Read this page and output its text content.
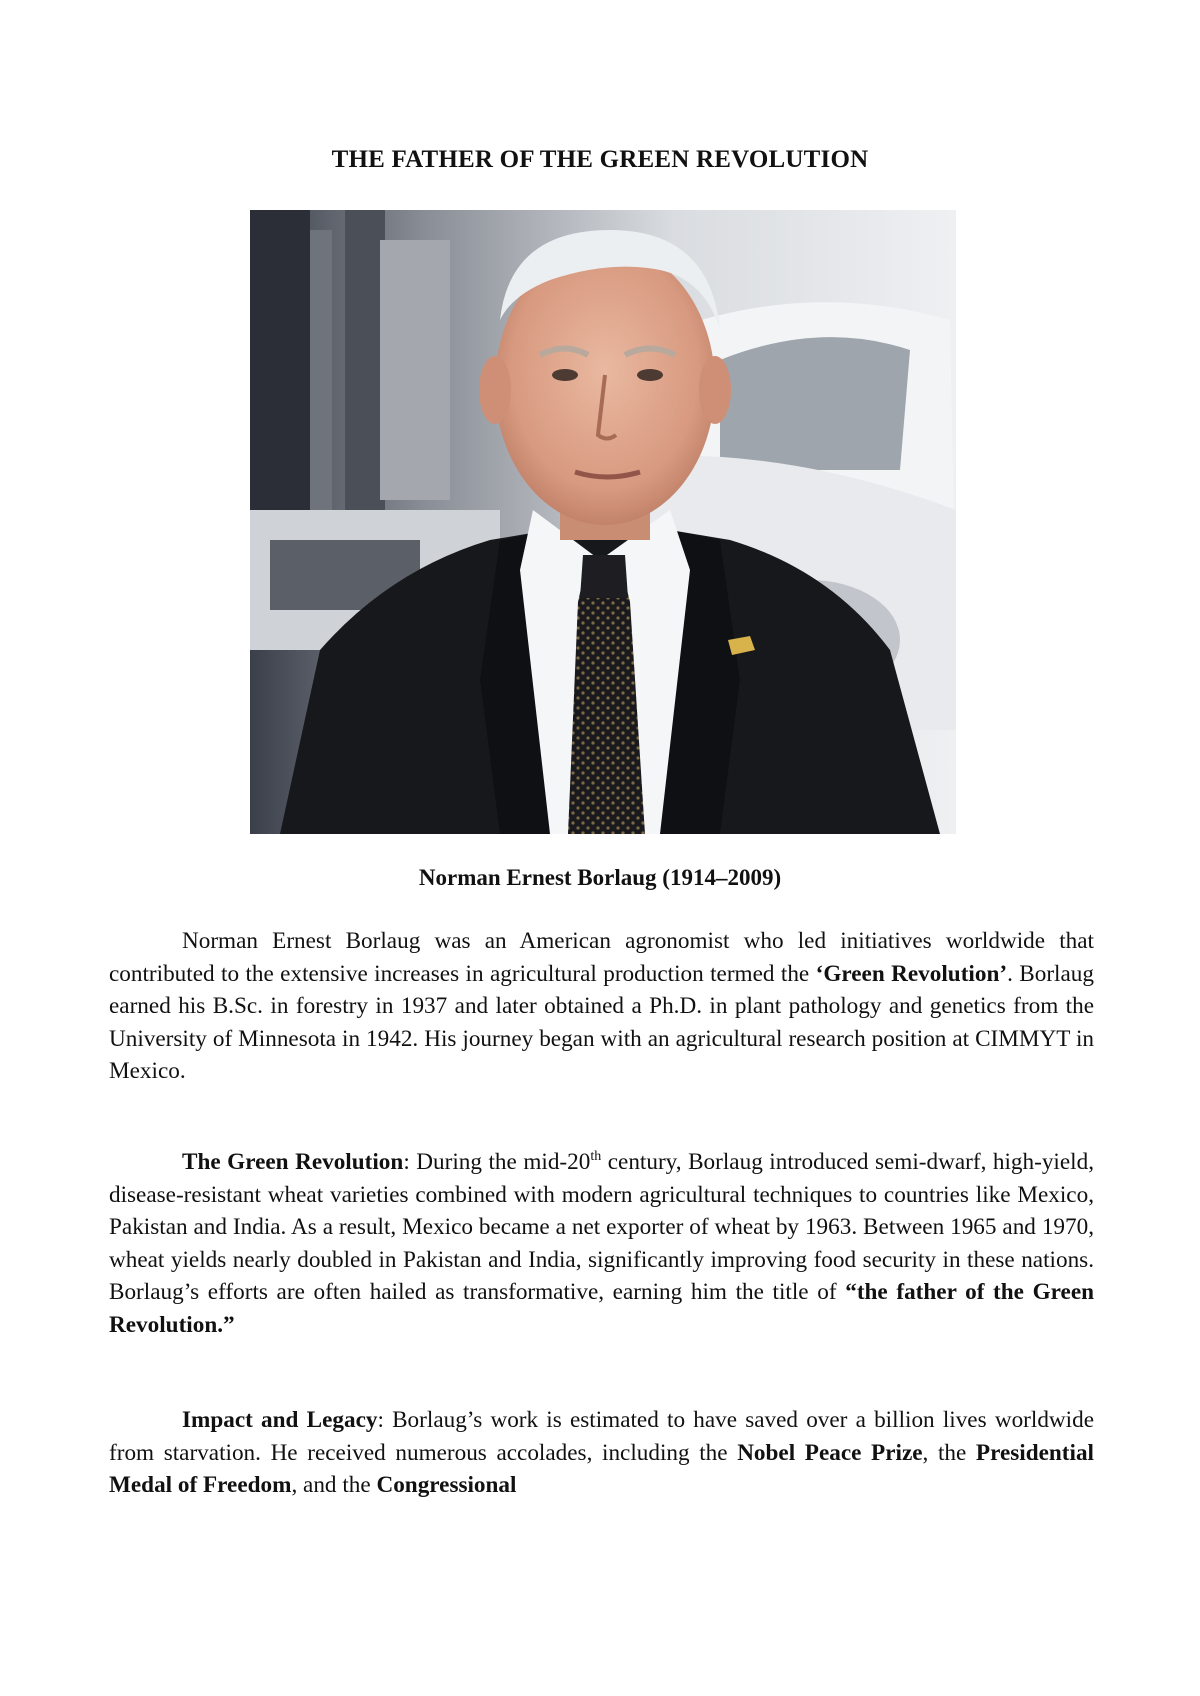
THE FATHER OF THE GREEN REVOLUTION
Norman Ernest Borlaug (1914–2009)

Norman Ernest Borlaug was an American agronomist who led initiatives worldwide that contributed to the extensive increases in agricultural production termed the ‘Green Revolution’. Borlaug earned his B.Sc. in forestry in 1937 and later obtained a Ph.D. in plant pathology and genetics from the University of Minnesota in 1942. His journey began with an agricultural research position at CIMMYT in Mexico.

The Green Revolution: During the mid-20th century, Borlaug introduced semi-dwarf, high-yield, disease-resistant wheat varieties combined with modern agricultural techniques to countries like Mexico, Pakistan and India. As a result, Mexico became a net exporter of wheat by 1963. Between 1965 and 1970, wheat yields nearly doubled in Pakistan and India, significantly improving food security in these nations. Borlaug’s efforts are often hailed as transformative, earning him the title of “the father of the Green Revolution.”

Impact and Legacy: Borlaug’s work is estimated to have saved over a billion lives worldwide from starvation. He received numerous accolades, including the Nobel Peace Prize, the Presidential Medal of Freedom, and the Congressional
